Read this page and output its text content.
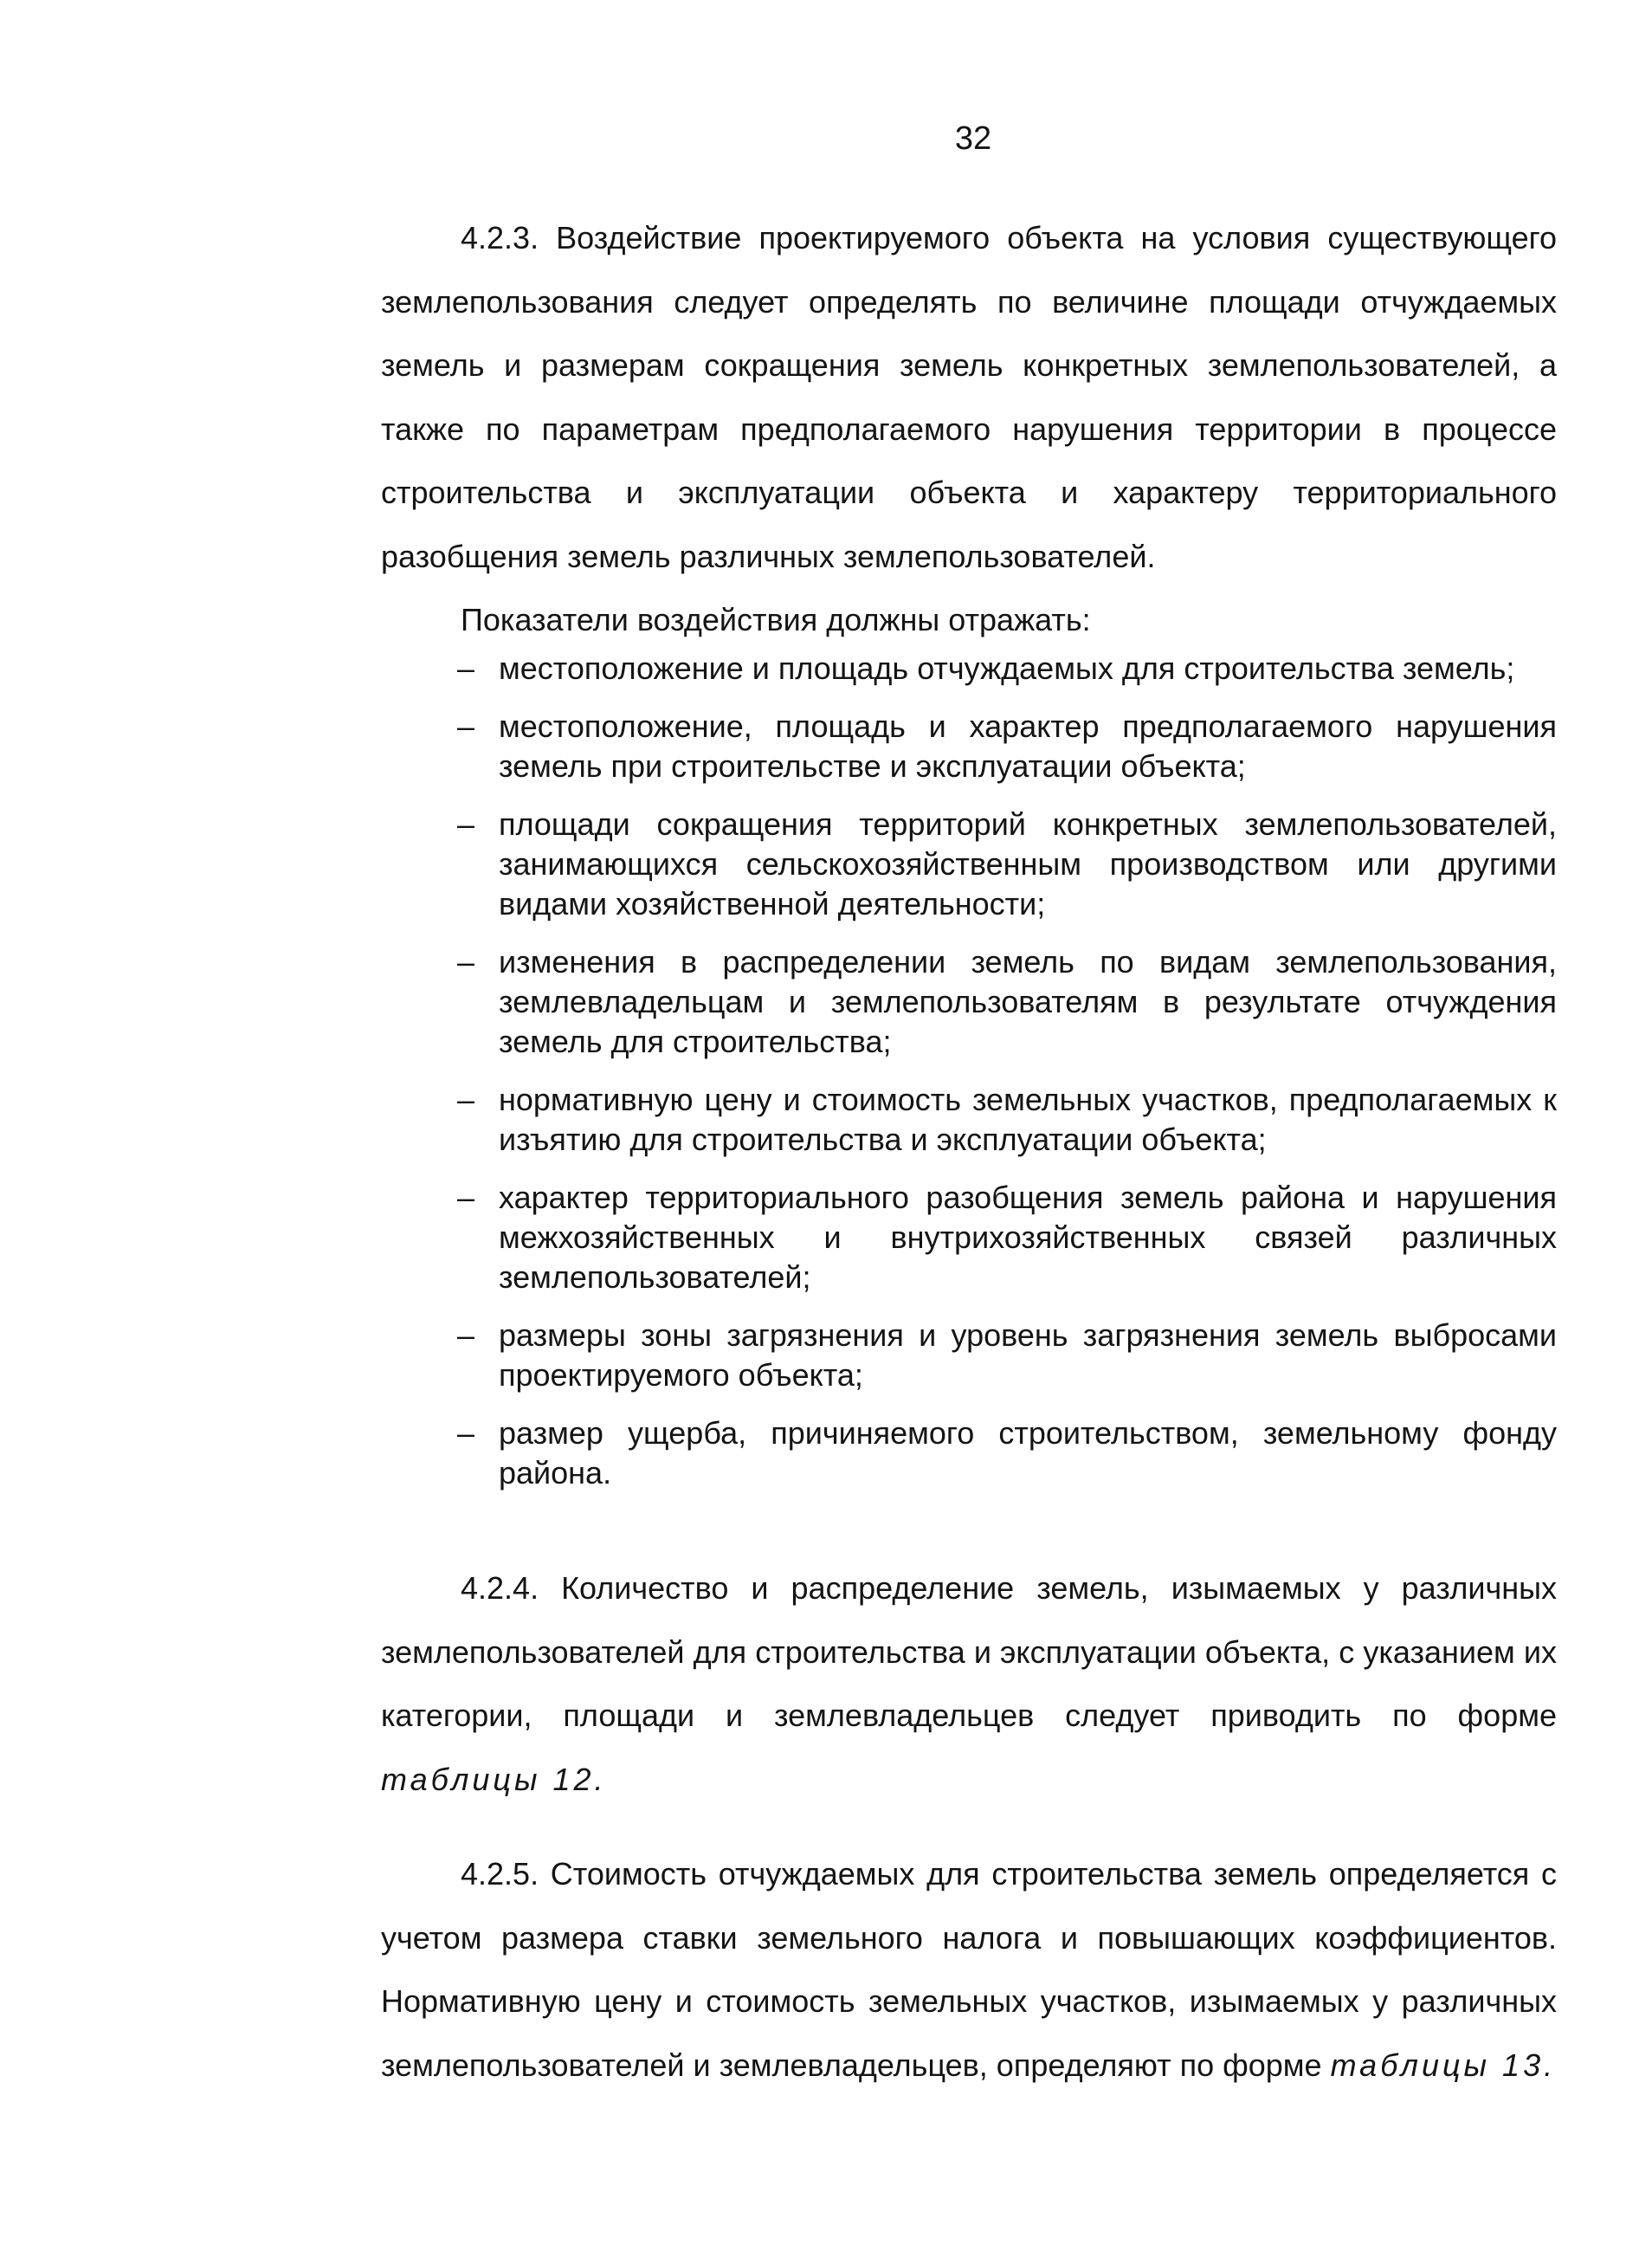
32

4.2.3. Воздействие проектируемого объекта на условия существующего землепользования следует определять по величине площади отчуждаемых земель и размерам сокращения земель конкретных землепользователей, а также по параметрам предполагаемого нарушения территории в процессе строительства и эксплуатации объекта и характеру территориального разобщения земель различных землепользователей.

Показатели воздействия должны отражать:

– местоположение и площадь отчуждаемых для строительства земель;
– местоположение, площадь и характер предполагаемого нарушения земель при строительстве и эксплуатации объекта;
– площади сокращения территорий конкретных землепользователей, занимающихся сельскохозяйственным производством или другими видами хозяйственной деятельности;
– изменения в распределении земель по видам землепользования, землевладельцам и землепользователям в результате отчуждения земель для строительства;
– нормативную цену и стоимость земельных участков, предполагаемых к изъятию для строительства и эксплуатации объекта;
– характер территориального разобщения земель района и нарушения межхозяйственных и внутрихозяйственных связей различных землепользователей;
– размеры зоны загрязнения и уровень загрязнения земель выбросами проектируемого объекта;
– размер ущерба, причиняемого строительством, земельному фонду района.

4.2.4. Количество и распределение земель, изымаемых у различных землепользователей для строительства и эксплуатации объекта, с указанием их категории, площади и землевладельцев следует приводить по форме таблицы 12.

4.2.5. Стоимость отчуждаемых для строительства земель определяется с учетом размера ставки земельного налога и повышающих коэффициентов. Нормативную цену и стоимость земельных участков, изымаемых у различных землепользователей и землевладельцев, определяют по форме таблицы 13.
